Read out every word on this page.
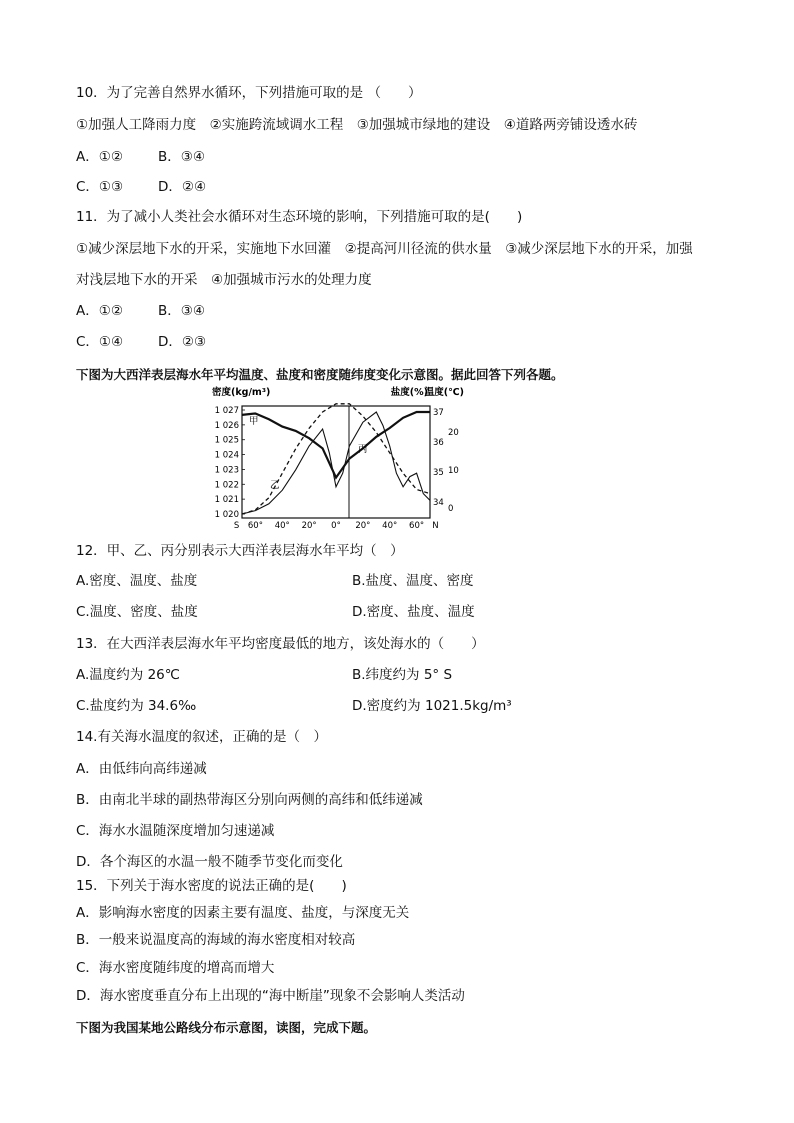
10．为了完善自然界水循环，下列措施可取的是 （　　）
①加强人工降雨力度　②实施跨流域调水工程　③加强城市绿地的建设　④道路两旁铺设透水砖
A．①②	B．③④
C．①③	D．②④
11．为了减小人类社会水循环对生态环境的影响，下列措施可取的是(　　)
①减少深层地下水的开采，实施地下水回灌　②提高河川径流的供水量　③减少深层地下水的开采，加强
对浅层地下水的开采　④加强城市污水的处理力度
A．①②	B．③④
C．①④	D．②③
下图为大西洋表层海水年平均温度、盐度和密度随纬度变化示意图。据此回答下列各题。
密度(kg/m³)	盐度(%)
温度(℃)
1 027
1 026
1 025
1 024
1 023
1 022
1 021
1 020
37
36
35
34
20
10
0
S 60° 40° 20° 0° 20° 40° 60° N
甲
乙
丙
12．甲、乙、丙分别表示大西洋表层海水年平均（　）
A.密度、温度、盐度	B.盐度、温度、密度
C.温度、密度、盐度	D.密度、盐度、温度
13．在大西洋表层海水年平均密度最低的地方，该处海水的（　　）
A.温度约为 26℃	B.纬度约为 5° S
C.盐度约为 34.6‰	D.密度约为 1021.5kg/m³
14.有关海水温度的叙述，正确的是（　）
A．由低纬向高纬递减
B．由南北半球的副热带海区分别向两侧的高纬和低纬递减
C．海水水温随深度增加匀速递减
D．各个海区的水温一般不随季节变化而变化
15．下列关于海水密度的说法正确的是(　　)
A．影响海水密度的因素主要有温度、盐度，与深度无关
B．一般来说温度高的海域的海水密度相对较高
C．海水密度随纬度的增高而增大
D．海水密度垂直分布上出现的“海中断崖”现象不会影响人类活动
下图为我国某地公路线分布示意图，读图，完成下题。
